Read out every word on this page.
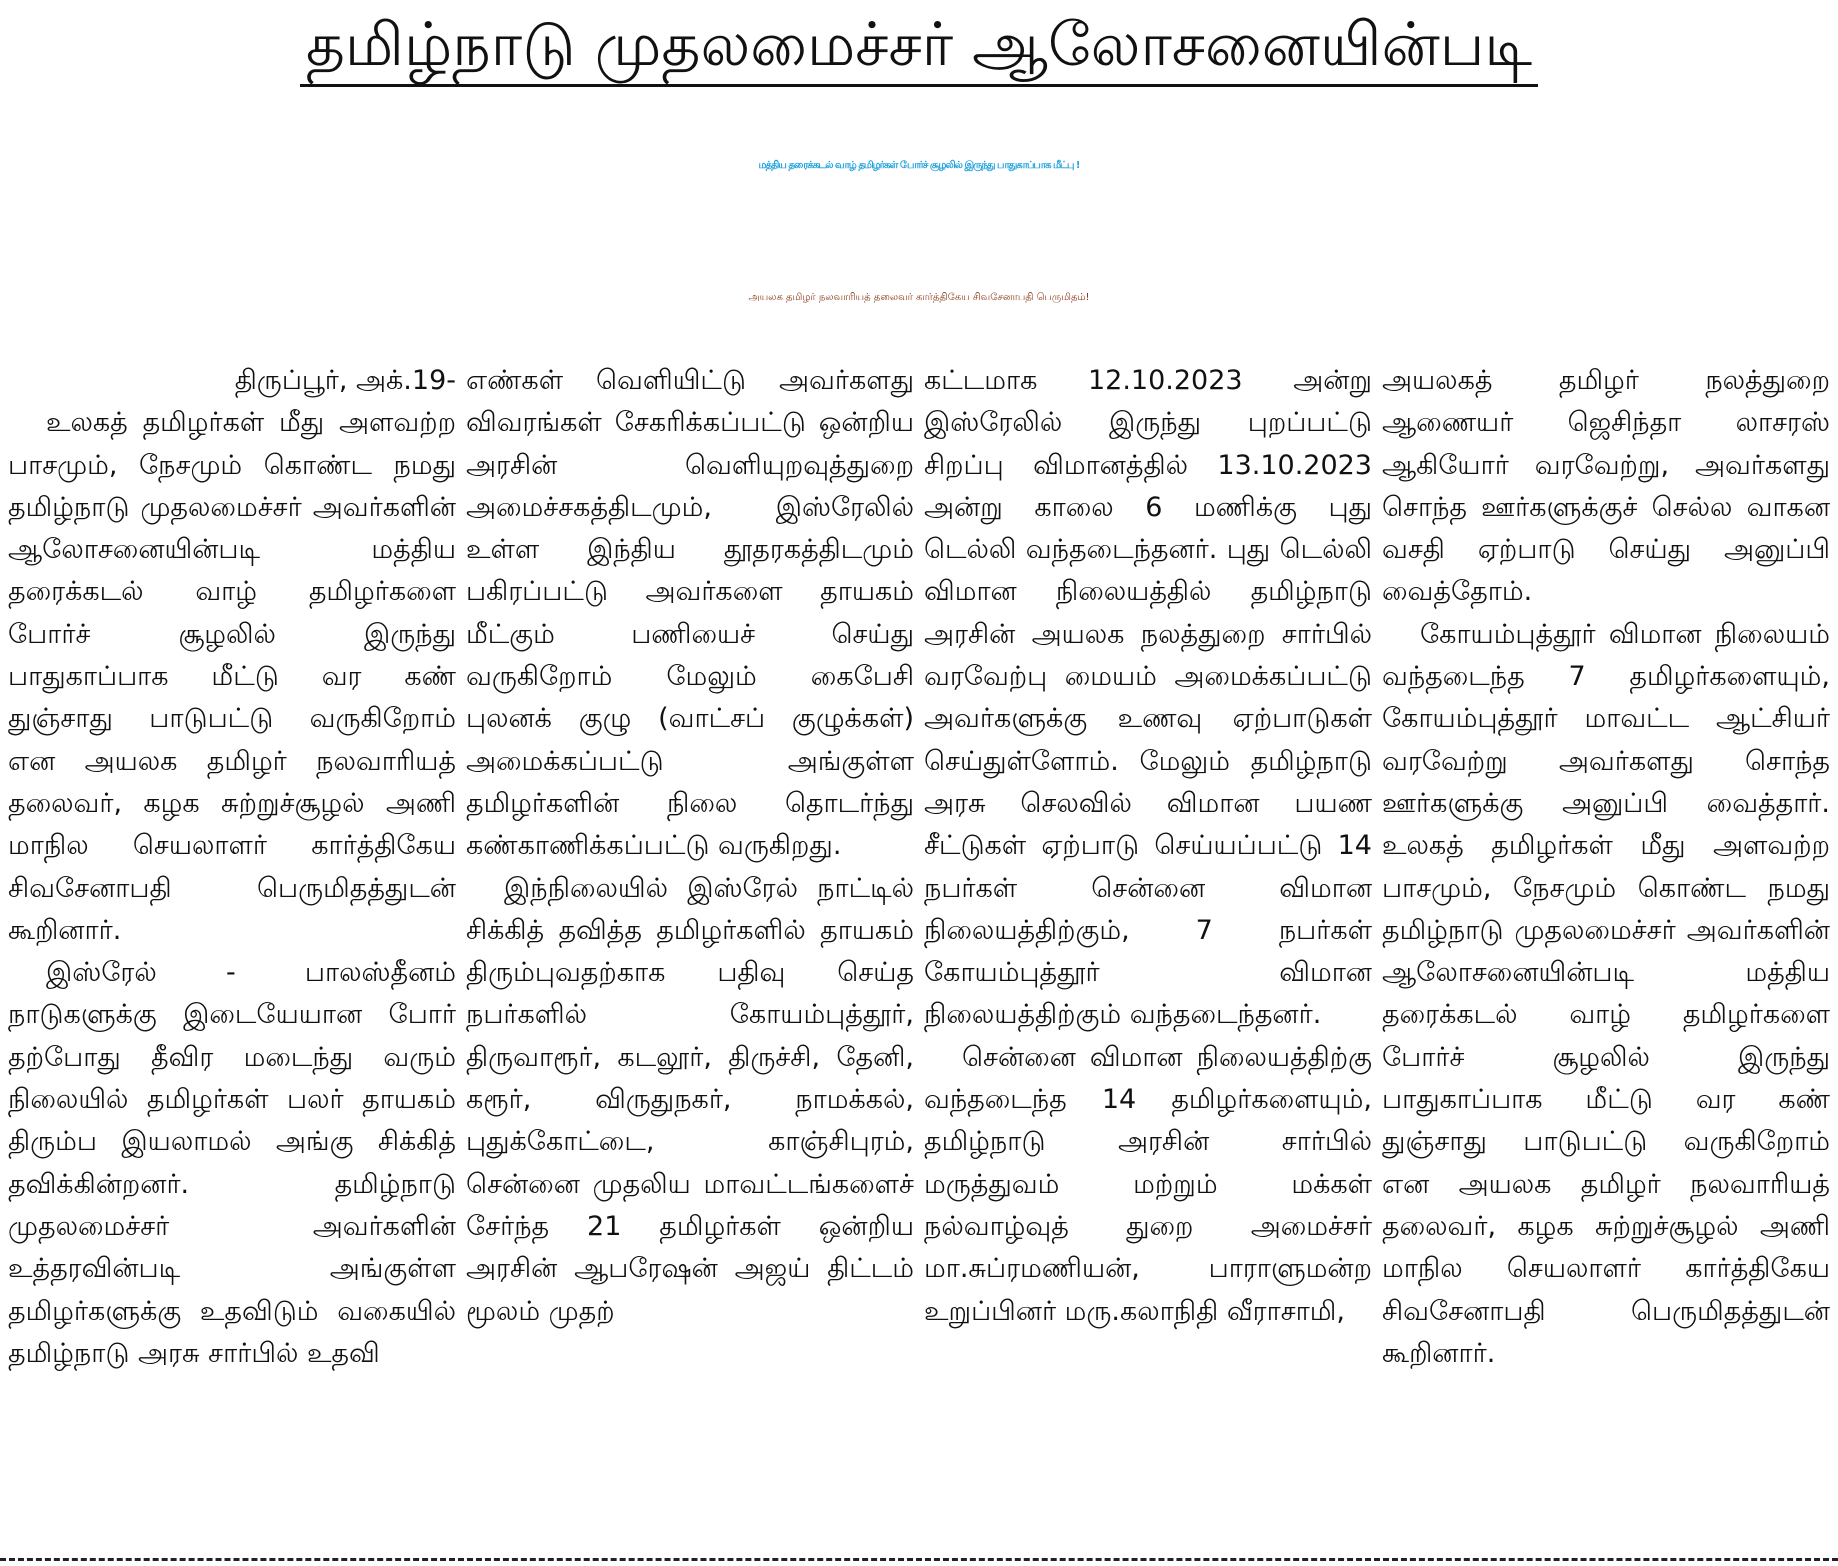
தமிழ்நாடு முதலமைச்சர் ஆலோசனையின்படி
மத்திய தரைக்கடல் வாழ் தமிழர்கள் போர்ச் சூழலில் இருந்து பாதுகாப்பாக மீட்பு !
அயலக தமிழர் நலவாரியத் தலைவர் கார்த்திகேய சிவசேனாபதி பெருமிதம்!

திருப்பூர், அக்.19-

உலகத் தமிழர்கள் மீது அளவற்ற பாசமும், நேசமும் கொண்ட நமது தமிழ்நாடு முதலமைச்சர் அவர்களின் ஆலோசனையின்படி மத்திய தரைக்கடல் வாழ் தமிழர்களை போர்ச் சூழலில் இருந்து பாதுகாப்பாக மீட்டு வர கண் துஞ்சாது பாடுபட்டு வருகிறோம் என அயலக தமிழர் நலவாரியத் தலைவர், கழக சுற்றுச்சூழல் அணி மாநில செயலாளர் கார்த்திகேய சிவசேனாபதி பெருமிதத்துடன் கூறினார்.

இஸ்ரேல் - பாலஸ்தீனம் நாடுகளுக்கு இடையேயான போர் தற்போது தீவிர மடைந்து வரும் நிலையில் தமிழர்கள் பலர் தாயகம் திரும்ப இயலாமல் அங்கு சிக்கித் தவிக்கின்றனர். தமிழ்நாடு முதலமைச்சர் அவர்களின் உத்தரவின்படி அங்குள்ள தமிழர்களுக்கு உதவிடும் வகையில் தமிழ்நாடு அரசு சார்பில் உதவி

எண்கள் வெளியிட்டு அவர்களது விவரங்கள் சேகரிக்கப்பட்டு ஒன்றிய அரசின் வெளியுறவுத்துறை அமைச்சகத்திடமும், இஸ்ரேலில் உள்ள இந்திய தூதரகத்திடமும் பகிரப்பட்டு அவர்களை தாயகம் மீட்கும் பணியைச் செய்து வருகிறோம் மேலும் கைபேசி புலனக் குழு (வாட்சப் குழுக்கள்) அமைக்கப்பட்டு அங்குள்ள தமிழர்களின் நிலை தொடர்ந்து கண்காணிக்கப்பட்டு வருகிறது.

இந்நிலையில் இஸ்ரேல் நாட்டில் சிக்கித் தவித்த தமிழர்களில் தாயகம் திரும்புவதற்காக பதிவு செய்த நபர்களில் கோயம்புத்தூர், திருவாரூர், கடலூர், திருச்சி, தேனி, கரூர், விருதுநகர், நாமக்கல், புதுக்கோட்டை, காஞ்சிபுரம், சென்னை முதலிய மாவட்டங்களைச் சேர்ந்த 21 தமிழர்கள் ஒன்றிய அரசின் ஆபரேஷன் அஜய் திட்டம் மூலம் முதற்

கட்டமாக 12.10.2023 அன்று இஸ்ரேலில் இருந்து புறப்பட்டு சிறப்பு விமானத்தில் 13.10.2023 அன்று காலை 6 மணிக்கு புது டெல்லி வந்தடைந்தனர். புது டெல்லி விமான நிலையத்தில் தமிழ்நாடு அரசின் அயலக நலத்துறை சார்பில் வரவேற்பு மையம் அமைக்கப்பட்டு அவர்களுக்கு உணவு ஏற்பாடுகள் செய்துள்ளோம். மேலும் தமிழ்நாடு அரசு செலவில் விமான பயண சீட்டுகள் ஏற்பாடு செய்யப்பட்டு 14 நபர்கள் சென்னை விமான நிலையத்திற்கும், 7 நபர்கள் கோயம்புத்தூர் விமான நிலையத்திற்கும் வந்தடைந்தனர்.

சென்னை விமான நிலையத்திற்கு வந்தடைந்த 14 தமிழர்களையும், தமிழ்நாடு அரசின் சார்பில் மருத்துவம் மற்றும் மக்கள் நல்வாழ்வுத் துறை அமைச்சர் மா.சுப்ரமணியன், பாராளுமன்ற உறுப்பினர் மரு.கலாநிதி வீராசாமி,

அயலகத் தமிழர் நலத்துறை ஆணையர் ஜெசிந்தா லாசரஸ் ஆகியோர் வரவேற்று, அவர்களது சொந்த ஊர்களுக்குச் செல்ல வாகன வசதி ஏற்பாடு செய்து அனுப்பி வைத்தோம்.

கோயம்புத்தூர் விமான நிலையம் வந்தடைந்த 7 தமிழர்களையும், கோயம்புத்தூர் மாவட்ட ஆட்சியர் வரவேற்று அவர்களது சொந்த ஊர்களுக்கு அனுப்பி வைத்தார். உலகத் தமிழர்கள் மீது அளவற்ற பாசமும், நேசமும் கொண்ட நமது தமிழ்நாடு முதலமைச்சர் அவர்களின் ஆலோசனையின்படி மத்திய தரைக்கடல் வாழ் தமிழர்களை போர்ச் சூழலில் இருந்து பாதுகாப்பாக மீட்டு வர கண் துஞ்சாது பாடுபட்டு வருகிறோம் என அயலக தமிழர் நலவாரியத் தலைவர், கழக சுற்றுச்சூழல் அணி மாநில செயலாளர் கார்த்திகேய சிவசேனாபதி பெருமிதத்துடன் கூறினார்.
